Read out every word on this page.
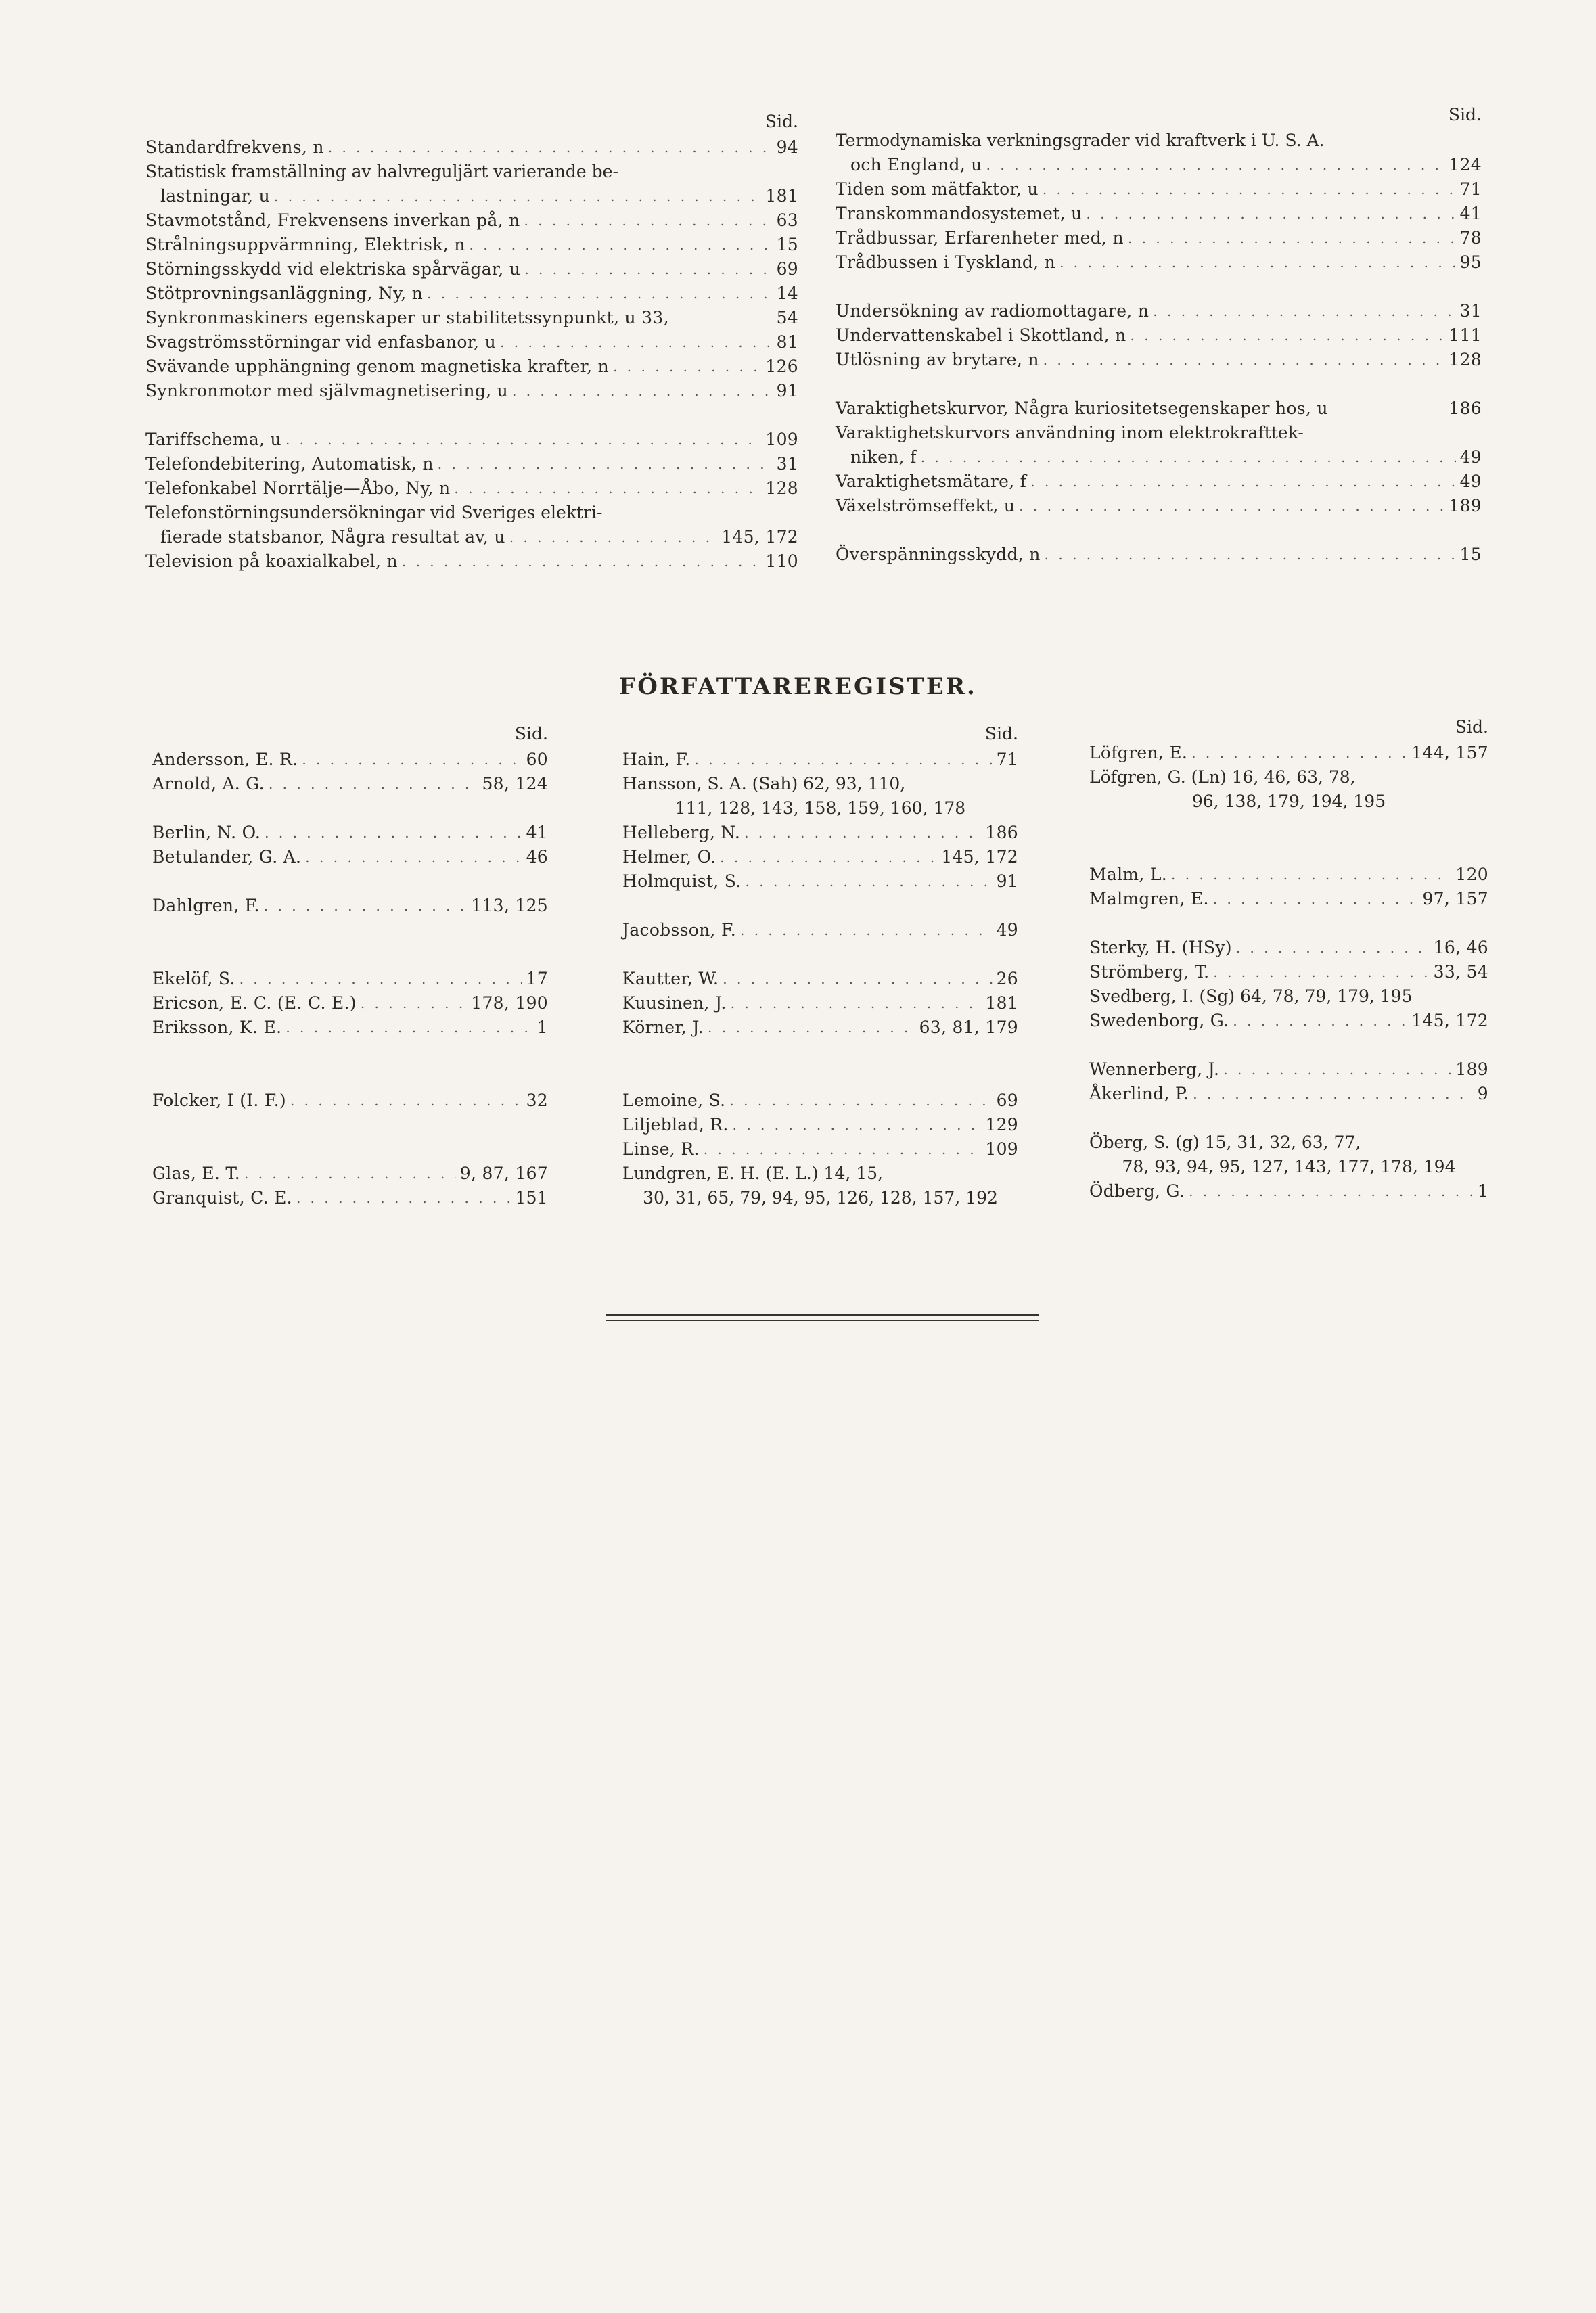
Sid.
Standardfrekvens, n . . .	94
Statistisk framställning av halvreguljärt varierande be-
lastningar, u . . .	181
Stavmotstånd, Frekvensens inverkan på, n . . .	63
Strålningsuppvärmning, Elektrisk, n . . .	15
Störningsskydd vid elektriska spårvägar, u . . .	69
Stötprovningsanläggning, Ny, n . . .	14
Synkronmaskiners egenskaper ur stabilitetssynpunkt, u 33,	54
Svagströmsstörningar vid enfasbanor, u . . .	81
Svävande upphängning genom magnetiska krafter, n . . .	126
Synkronmotor med självmagnetisering, u . . .	91
Tariffschema, u . . .	109
Telefondebitering, Automatisk, n . . .	31
Telefonkabel Norrtälje—Åbo, Ny, n . . .	128
Telefonstörningsundersökningar vid Sveriges elektri-
fierade statsbanor, Några resultat av, u . . .	145, 172
Television på koaxialkabel, n . . .	110
Sid.
Termodynamiska verkningsgrader vid kraftverk i U. S. A.
och England, u . . .	124
Tiden som mätfaktor, u . . .	71
Transkommandosystemet, u . . .	41
Trådbussar, Erfarenheter med, n . . .	78
Trådbussen i Tyskland, n . . .	95
Undersökning av radiomottagare, n . . .	31
Undervattenskabel i Skottland, n . . .	111
Utlösning av brytare, n . . .	128
Varaktighetskurvor, Några kuriositetsegenskaper hos, u	186
Varaktighetskurvors användning inom elektrokrafttek-
niken, f . . .	49
Varaktighetsmätare, f . . .	49
Växelströmseffekt, u . . .	189
Överspänningsskydd, n . . .	15
FÖRFATTAREREGISTER.
Sid.
Andersson, E. R. . . .	60
Arnold, A. G. . . .	58, 124
Berlin, N. O. . . .	41
Betulander, G. A. . . .	46
Dahlgren, F. . . .	113, 125
Ekelöf, S. . . .	17
Ericson, E. C. (E. C. E.) . . .	178, 190
Eriksson, K. E. . . .	1
Folcker, I (I. F.) . . .	32
Glas, E. T. . . .	9, 87, 167
Granquist, C. E. . . .	151
Sid.
Hain, F. . . .	71
Hansson, S. A. (Sah) 62, 93, 110,
111, 128, 143, 158, 159, 160, 178
Helleberg, N. . . .	186
Helmer, O. . . .	145, 172
Holmquist, S. . . .	91
Jacobsson, F. . . .	49
Kautter, W. . . .	26
Kuusinen, J. . . .	181
Körner, J. . . .	63, 81, 179
Lemoine, S. . . .	69
Liljeblad, R. . . .	129
Linse, R. . . .	109
Lundgren, E. H. (E. L.) 14, 15,
30, 31, 65, 79, 94, 95, 126, 128, 157, 192
Sid.
Löfgren, E. . . .	144, 157
Löfgren, G. (Ln) 16, 46, 63, 78,
96, 138, 179, 194, 195
Malm, L. . . .	120
Malmgren, E. . . .	97, 157
Sterky, H. (HSy) . . .	16, 46
Strömberg, T. . . .	33, 54
Svedberg, I. (Sg) 64, 78, 79, 179, 195
Swedenborg, G. . . .	145, 172
Wennerberg, J. . . .	189
Åkerlind, P. . . .	9
Öberg, S. (g) 15, 31, 32, 63, 77,
78, 93, 94, 95, 127, 143, 177, 178, 194
Ödberg, G. . . .	1
